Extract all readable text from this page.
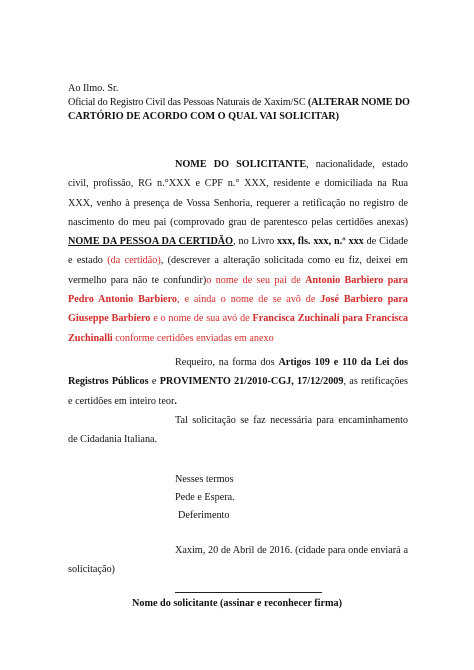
Ao Ilmo. Sr.
Oficial do Registro Civil das Pessoas Naturais de Xaxim/SC (ALTERAR NOME DO
CARTÓRIO DE ACORDO COM O QUAL VAI SOLICITAR)
NOME DO SOLICITANTE, nacionalidade, estado civil, profissão, RG n.°XXX e CPF n.° XXX, residente e domiciliada na Rua XXX, venho à presença de Vossa Senhoria, requerer a retificação no registro de nascimento do meu pai (comprovado grau de parentesco pelas certidões anexas) NOME DA PESSOA DA CERTIDÃO, no Livro xxx, fls. xxx, n.º xxx de Cidade e estado (da certidão), (descrever a alteração solicitada como eu fiz, deixei em vermelho para não te confundir)o nome de seu pai de Antonio Barbiero para Pedro Antonio Barbiero, e ainda o nome de se avô de José Barbiero para Giuseppe Barbiero e o nome de sua avó de Francisca Zuchinali para Francisca Zuchinalli conforme certidões enviadas em anexo
Requeiro, na forma dos Artigos 109 e 110 da Lei dos Registros Públicos e PROVIMENTO 21/2010-CGJ, 17/12/2009, as retificações e certidões em inteiro teor.
Tal solicitação se faz necessária para encaminhamento de Cidadania Italiana.
Nesses termos
Pede e Espera.
Deferimento
Xaxim, 20 de Abril de 2016. (cidade para onde enviará a solicitação)
Nome do solicitante (assinar e reconhecer firma)
